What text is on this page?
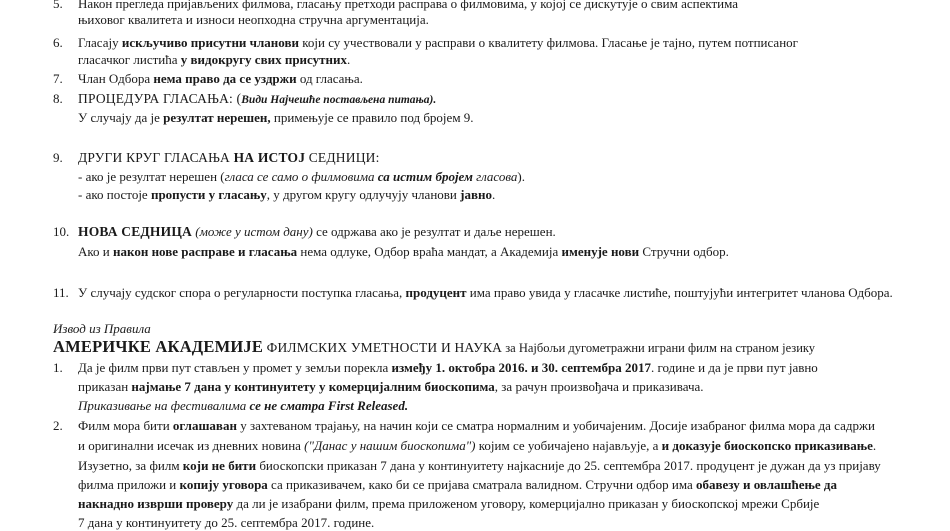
5. Након прегледа пријављених филмова, гласању претходи расправа о филмовима, у којој се дискутује о свим аспектима
њиховог квалитета и износи неопходна стручна аргументација.
6. Гласају искључиво присутни чланови који су учествовали у расправи о квалитету филмова. Гласање је тајно, путем потписаног
гласачког листића у видокругу свих присутних.
7. Члан Одбора нема право да се уздржи од гласања.
8. ПРОЦЕДУРА ГЛАСАЊА: (Види Најчешће постављена питања).
У случају да је резултат нерешен, примењује се правило под бројем 9.
9. ДРУГИ КРУГ ГЛАСАЊА НА ИСТОЈ СЕДНИЦИ:
- ако је резултат нерешен (гласа се само о филмовима са истим бројем гласова).
- ако постоје пропусти у гласању, у другом кругу одлучују чланови јавно.
10. НОВА СЕДНИЦА (може у истом дану) се одржава ако је резултат и даље нерешен.
Ако и након нове расправе и гласања нема одлуке, Одбор враћа мандат, а Академија именује нови Стручни одбор.
11. У случају судског спора о регуларности поступка гласања, продуцент има право увида у гласачке листиће, поштујући интегритет чланова Одбора.
Извод из Правила
АМЕРИЧКЕ АКАДЕМИЈЕ ФИЛМСКИХ УМЕТНОСТИ И НАУКА за Најбољи дугометражни играни филм на страном језику
1. Да је филм први пут стављен у промет у земљи порекла између 1. октобра 2016. и 30. септембра 2017. године и да је први пут јавно
приказан најмање 7 дана у континуитету у комерцијалним биоскопима, за рачун произвођача и приказивача.
Приказивање на фестивалима се не сматра First Released.
2. Филм мора бити оглашаван у захтеваном трајању, на начин који се сматра нормалним и уобичајеним. Досије изабраног филма мора да садржи
и оригинални исечак из дневних новина ("Данас у нашим биоскопима") којим се уобичајено најављује, а и доказује биоскопско приказивање.
Изузетно, за филм који не бити биоскопски приказан 7 дана у континуитету најкасније до 25. септембра 2017. продуцент је дужан да уз пријаву
филма приложи и копију уговора са приказивачем, како би се пријава сматрала валидном. Стручни одбор има обавезу и овлашћење да
накнадно изврши проверу да ли је изабрани филм, према приложеном уговору, комерцијално приказан у биоскопској мрежи Србије
7 дана у континуитету до 25. септембра 2017. године.
